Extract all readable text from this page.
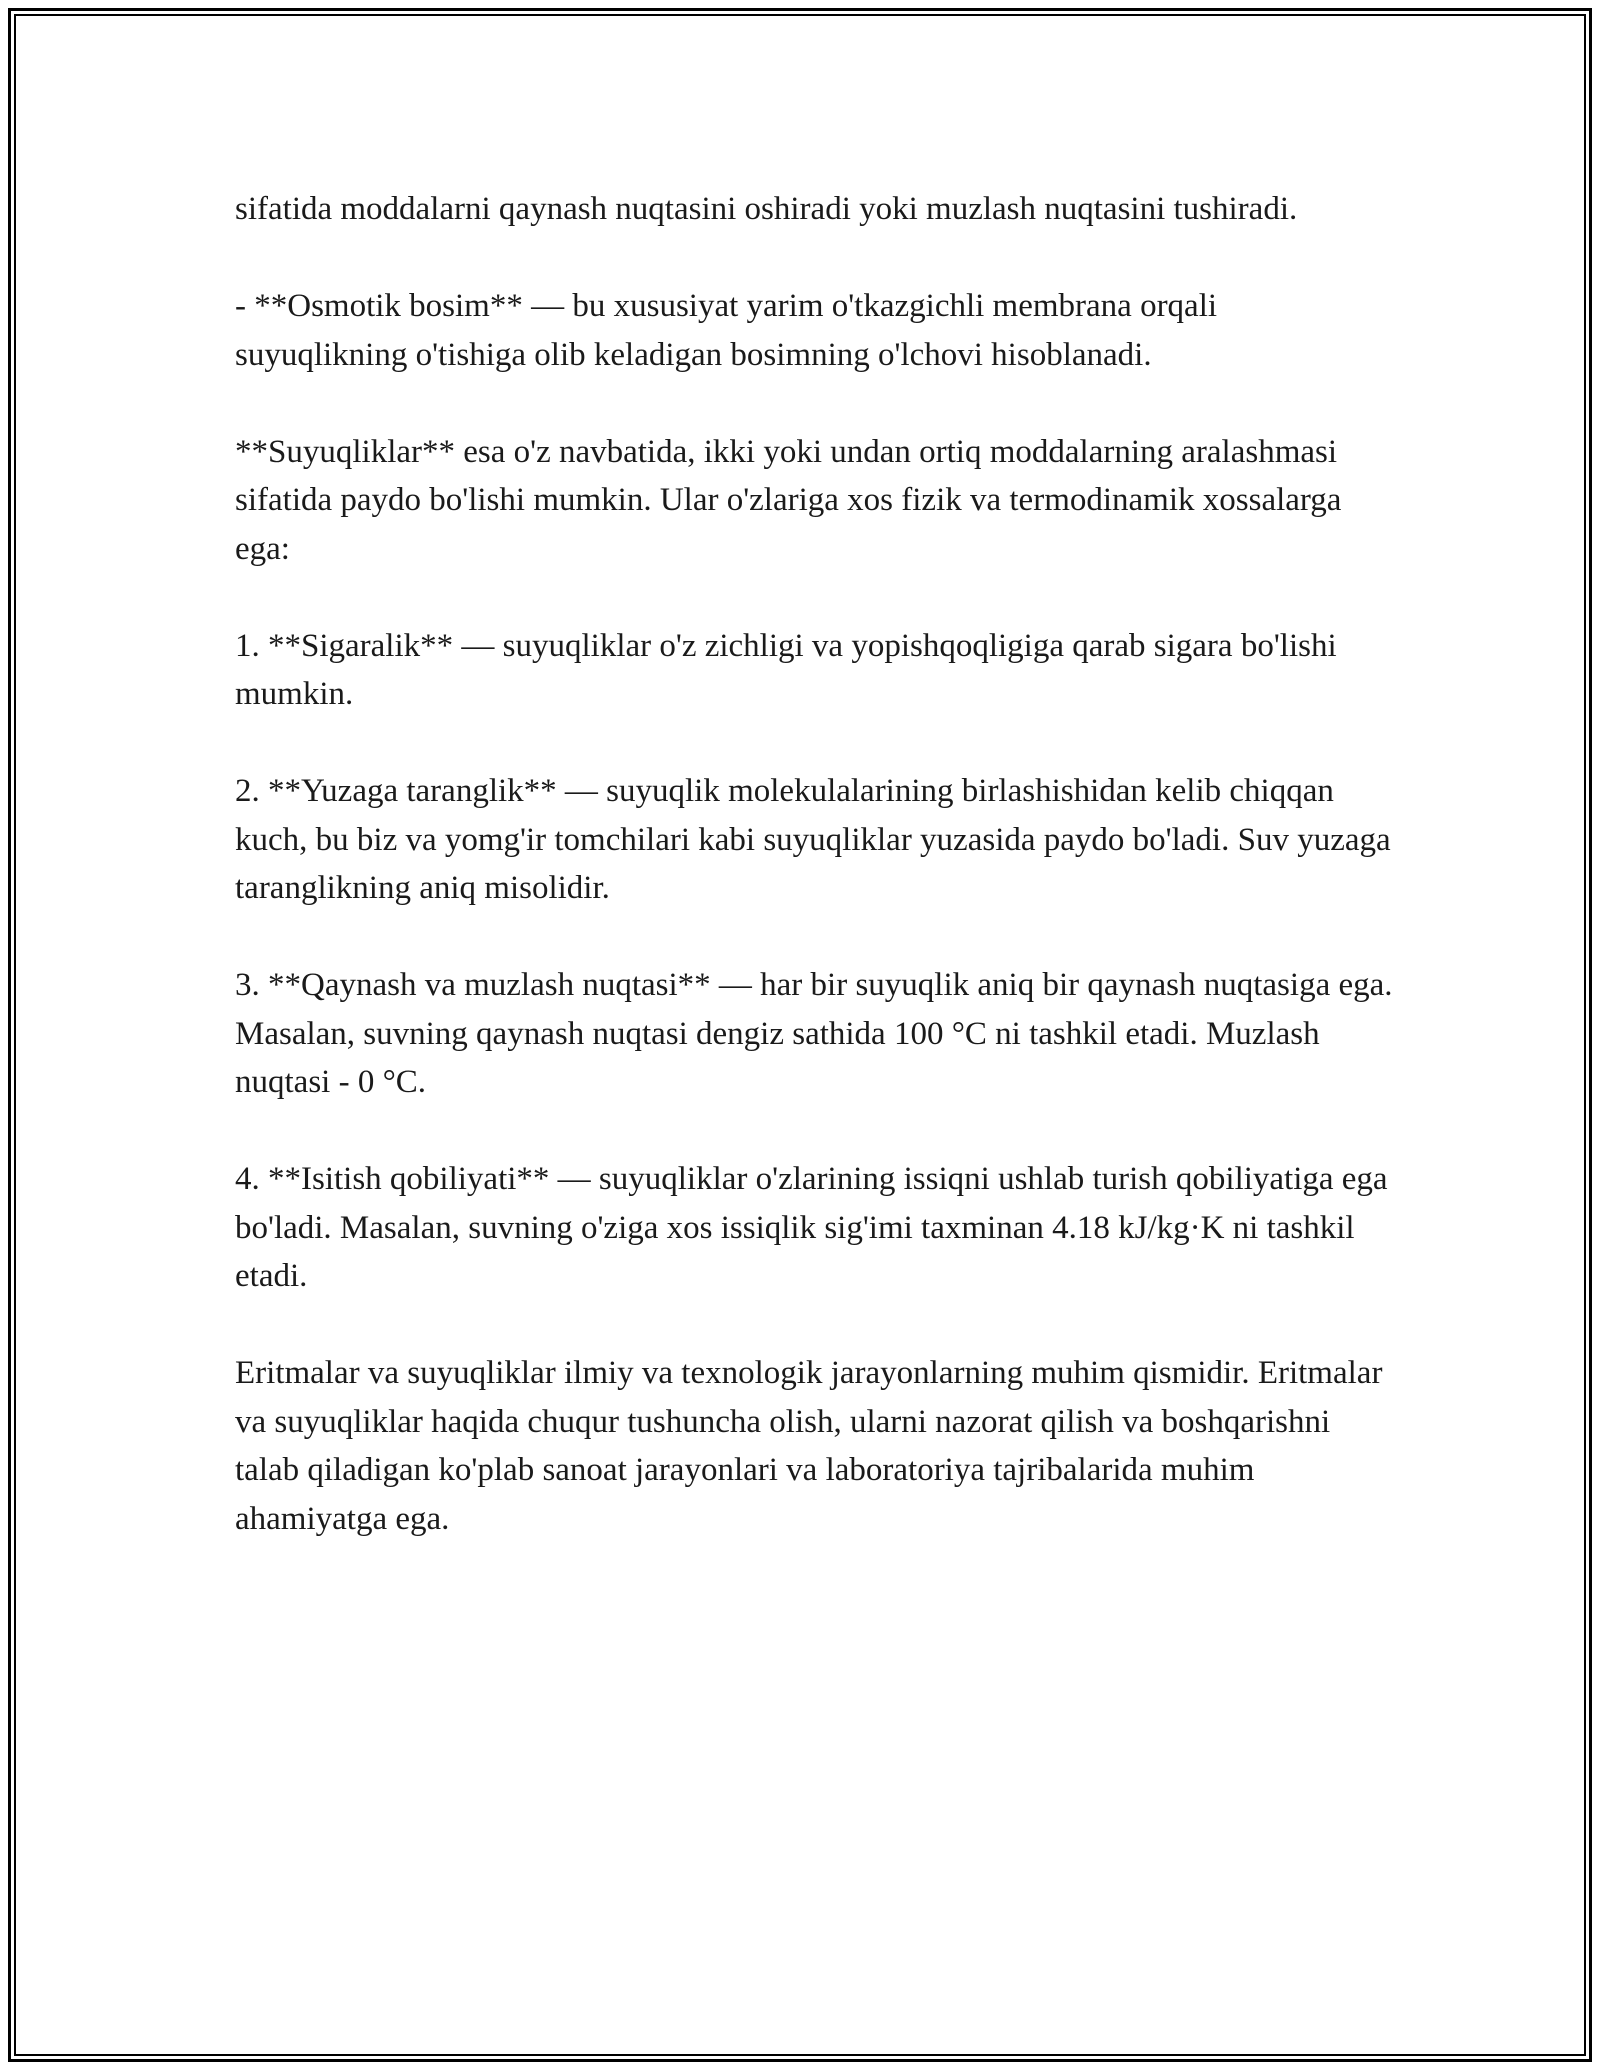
sifatida moddalarni qaynash nuqtasini oshiradi yoki muzlash nuqtasini tushiradi.

- **Osmotik bosim** — bu xususiyat yarim o'tkazgichli membrana orqali suyuqlikning o'tishiga olib keladigan bosimning o'lchovi hisoblanadi.

**Suyuqliklar** esa o'z navbatida, ikki yoki undan ortiq moddalarning aralashmasi sifatida paydo bo'lishi mumkin. Ular o'zlariga xos fizik va termodinamik xossalarga ega:

1. **Sigaralik** — suyuqliklar o'z zichligi va yopishqoqligiga qarab sigara bo'lishi mumkin.

2. **Yuzaga taranglik** — suyuqlik molekulalarining birlashishidan kelib chiqqan kuch, bu biz va yomg'ir tomchilari kabi suyuqliklar yuzasida paydo bo'ladi. Suv yuzaga taranglikning aniq misolidir.

3. **Qaynash va muzlash nuqtasi** — har bir suyuqlik aniq bir qaynash nuqtasiga ega. Masalan, suvning qaynash nuqtasi dengiz sathida 100 °C ni tashkil etadi. Muzlash nuqtasi - 0 °C.

4. **Isitish qobiliyati** — suyuqliklar o'zlarining issiqni ushlab turish qobiliyatiga ega bo'ladi. Masalan, suvning o'ziga xos issiqlik sig'imi taxminan 4.18 kJ/kg·K ni tashkil etadi.

Eritmalar va suyuqliklar ilmiy va texnologik jarayonlarning muhim qismidir. Eritmalar va suyuqliklar haqida chuqur tushuncha olish, ularni nazorat qilish va boshqarishni talab qiladigan ko'plab sanoat jarayonlari va laboratoriya tajribalarida muhim ahamiyatga ega.
